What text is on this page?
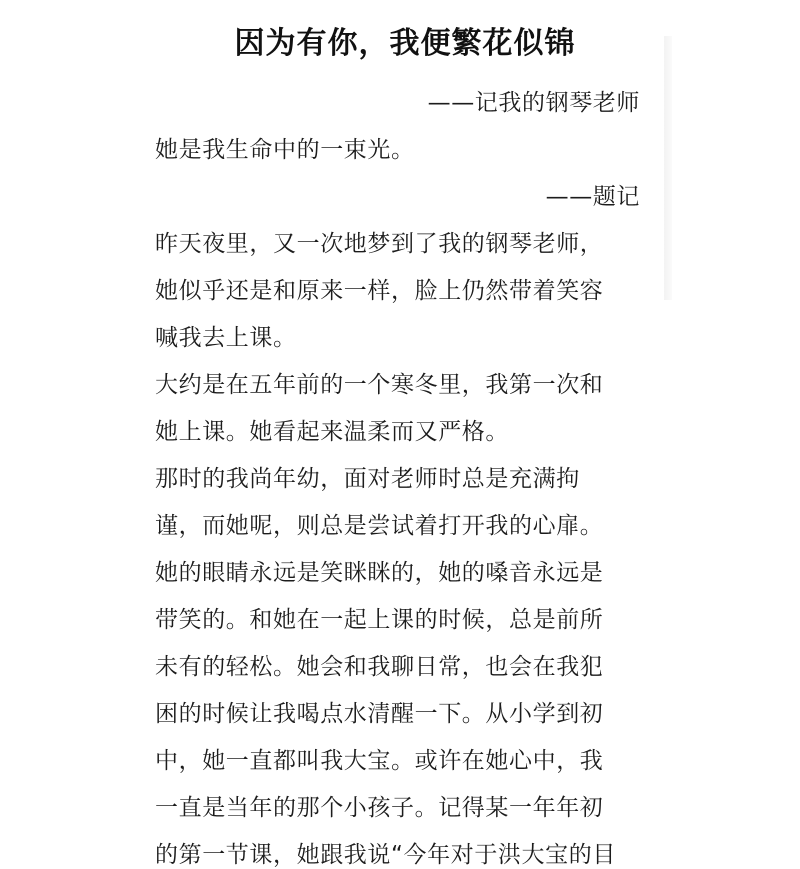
因为有你，我便繁花似锦
——记我的钢琴老师
她是我生命中的一束光。
——题记
昨天夜里，又一次地梦到了我的钢琴老师，
她似乎还是和原来一样，脸上仍然带着笑容
喊我去上课。
大约是在五年前的一个寒冬里，我第一次和
她上课。她看起来温柔而又严格。
那时的我尚年幼，面对老师时总是充满拘
谨，而她呢，则总是尝试着打开我的心扉。
她的眼睛永远是笑眯眯的，她的嗓音永远是
带笑的。和她在一起上课的时候，总是前所
未有的轻松。她会和我聊日常，也会在我犯
困的时候让我喝点水清醒一下。从小学到初
中，她一直都叫我大宝。或许在她心中，我
一直是当年的那个小孩子。记得某一年年初
的第一节课，她跟我说“今年对于洪大宝的目
